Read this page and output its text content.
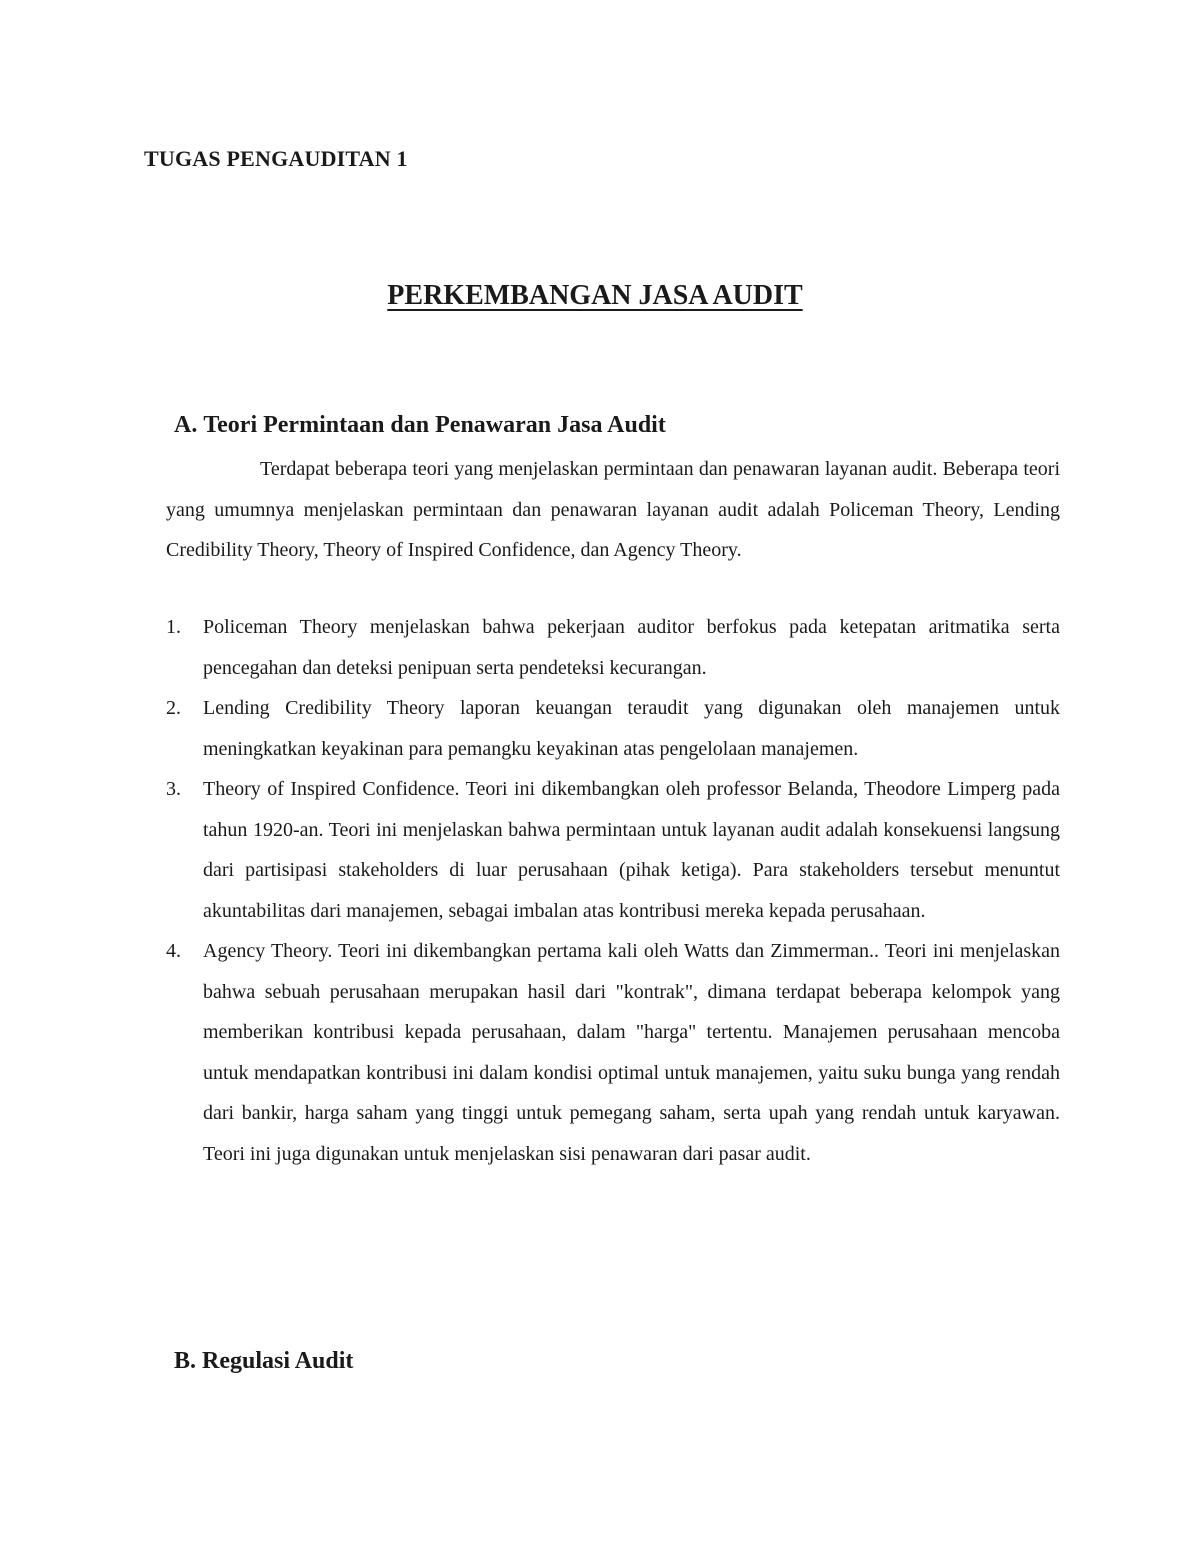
TUGAS PENGAUDITAN 1

PERKEMBANGAN JASA AUDIT
A. Teori Permintaan dan Penawaran Jasa Audit

Terdapat beberapa teori yang menjelaskan permintaan dan penawaran layanan audit. Beberapa teori yang umumnya menjelaskan permintaan dan penawaran layanan audit adalah Policeman Theory, Lending Credibility Theory, Theory of Inspired Confidence, dan Agency Theory.

1. Policeman Theory menjelaskan bahwa pekerjaan auditor berfokus pada ketepatan aritmatika serta pencegahan dan deteksi penipuan serta pendeteksi kecurangan.
2. Lending Credibility Theory laporan keuangan teraudit yang digunakan oleh manajemen untuk meningkatkan keyakinan para pemangku keyakinan atas pengelolaan manajemen.
3. Theory of Inspired Confidence. Teori ini dikembangkan oleh professor Belanda, Theodore Limperg pada tahun 1920-an. Teori ini menjelaskan bahwa permintaan untuk layanan audit adalah konsekuensi langsung dari partisipasi stakeholders di luar perusahaan (pihak ketiga). Para stakeholders tersebut menuntut akuntabilitas dari manajemen, sebagai imbalan atas kontribusi mereka kepada perusahaan.
4. Agency Theory. Teori ini dikembangkan pertama kali oleh Watts dan Zimmerman.. Teori ini menjelaskan bahwa sebuah perusahaan merupakan hasil dari "kontrak", dimana terdapat beberapa kelompok yang memberikan kontribusi kepada perusahaan, dalam "harga" tertentu. Manajemen perusahaan mencoba untuk mendapatkan kontribusi ini dalam kondisi optimal untuk manajemen, yaitu suku bunga yang rendah dari bankir, harga saham yang tinggi untuk pemegang saham, serta upah yang rendah untuk karyawan. Teori ini juga digunakan untuk menjelaskan sisi penawaran dari pasar audit.
B. Regulasi Audit
